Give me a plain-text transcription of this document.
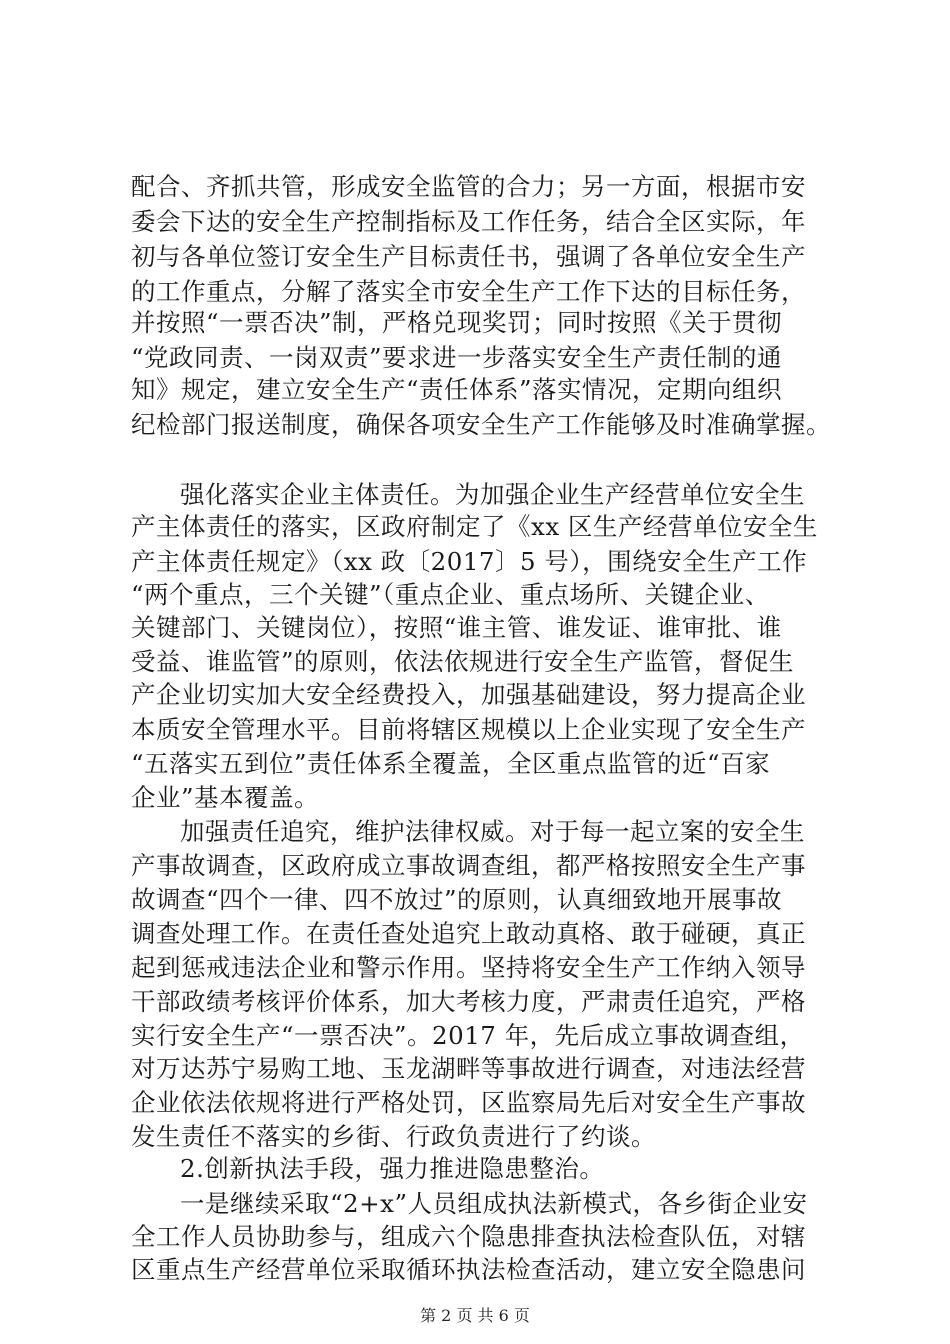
配合、齐抓共管，形成安全监管的合力；另一方面，根据市安
委会下达的安全生产控制指标及工作任务，结合全区实际，年
初与各单位签订安全生产目标责任书，强调了各单位安全生产
的工作重点，分解了落实全市安全生产工作下达的目标任务，
并按照“一票否决”制，严格兑现奖罚；同时按照《关于贯彻
“党政同责、一岗双责”要求进一步落实安全生产责任制的通
知》规定，建立安全生产“责任体系”落实情况，定期向组织
纪检部门报送制度，确保各项安全生产工作能够及时准确掌握。
强化落实企业主体责任。为加强企业生产经营单位安全生
产主体责任的落实，区政府制定了《xx 区生产经营单位安全生
产主体责任规定》（xx 政〔2017〕5 号），围绕安全生产工作
“两个重点，三个关键”（重点企业、重点场所、关键企业、
关键部门、关键岗位），按照“谁主管、谁发证、谁审批、谁
受益、谁监管”的原则，依法依规进行安全生产监管，督促生
产企业切实加大安全经费投入，加强基础建设，努力提高企业
本质安全管理水平。目前将辖区规模以上企业实现了安全生产
“五落实五到位”责任体系全覆盖，全区重点监管的近“百家
企业”基本覆盖。
加强责任追究，维护法律权威。对于每一起立案的安全生
产事故调查，区政府成立事故调查组，都严格按照安全生产事
故调查“四个一律、四不放过”的原则，认真细致地开展事故
调查处理工作。在责任查处追究上敢动真格、敢于碰硬，真正
起到惩戒违法企业和警示作用。坚持将安全生产工作纳入领导
干部政绩考核评价体系，加大考核力度，严肃责任追究，严格
实行安全生产“一票否决”。2017 年，先后成立事故调查组，
对万达苏宁易购工地、玉龙湖畔等事故进行调查，对违法经营
企业依法依规将进行严格处罚，区监察局先后对安全生产事故
发生责任不落实的乡街、行政负责进行了约谈。
2.创新执法手段，强力推进隐患整治。
一是继续采取“2+x”人员组成执法新模式，各乡街企业安
全工作人员协助参与，组成六个隐患排查执法检查队伍，对辖
区重点生产经营单位采取循环执法检查活动，建立安全隐患问
第 2 页 共 6 页
